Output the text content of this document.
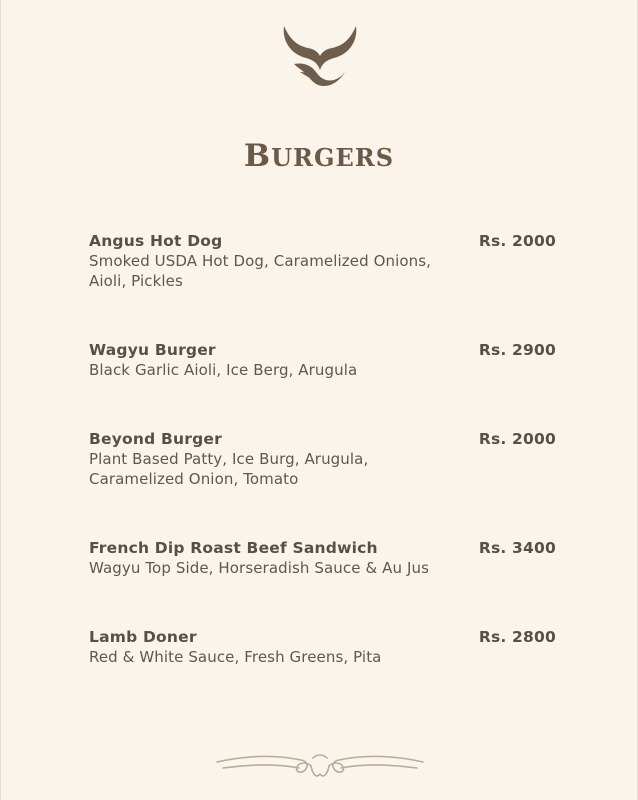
BURGERS
Angus Hot Dog	Rs. 2000
Smoked USDA Hot Dog, Caramelized Onions,
Aioli, Pickles
Wagyu Burger	Rs. 2900
Black Garlic Aioli, Ice Berg, Arugula
Beyond Burger	Rs. 2000
Plant Based Patty, Ice Burg, Arugula,
Caramelized Onion, Tomato
French Dip Roast Beef Sandwich	Rs. 3400
Wagyu Top Side, Horseradish Sauce & Au Jus
Lamb Doner	Rs. 2800
Red & White Sauce, Fresh Greens, Pita
